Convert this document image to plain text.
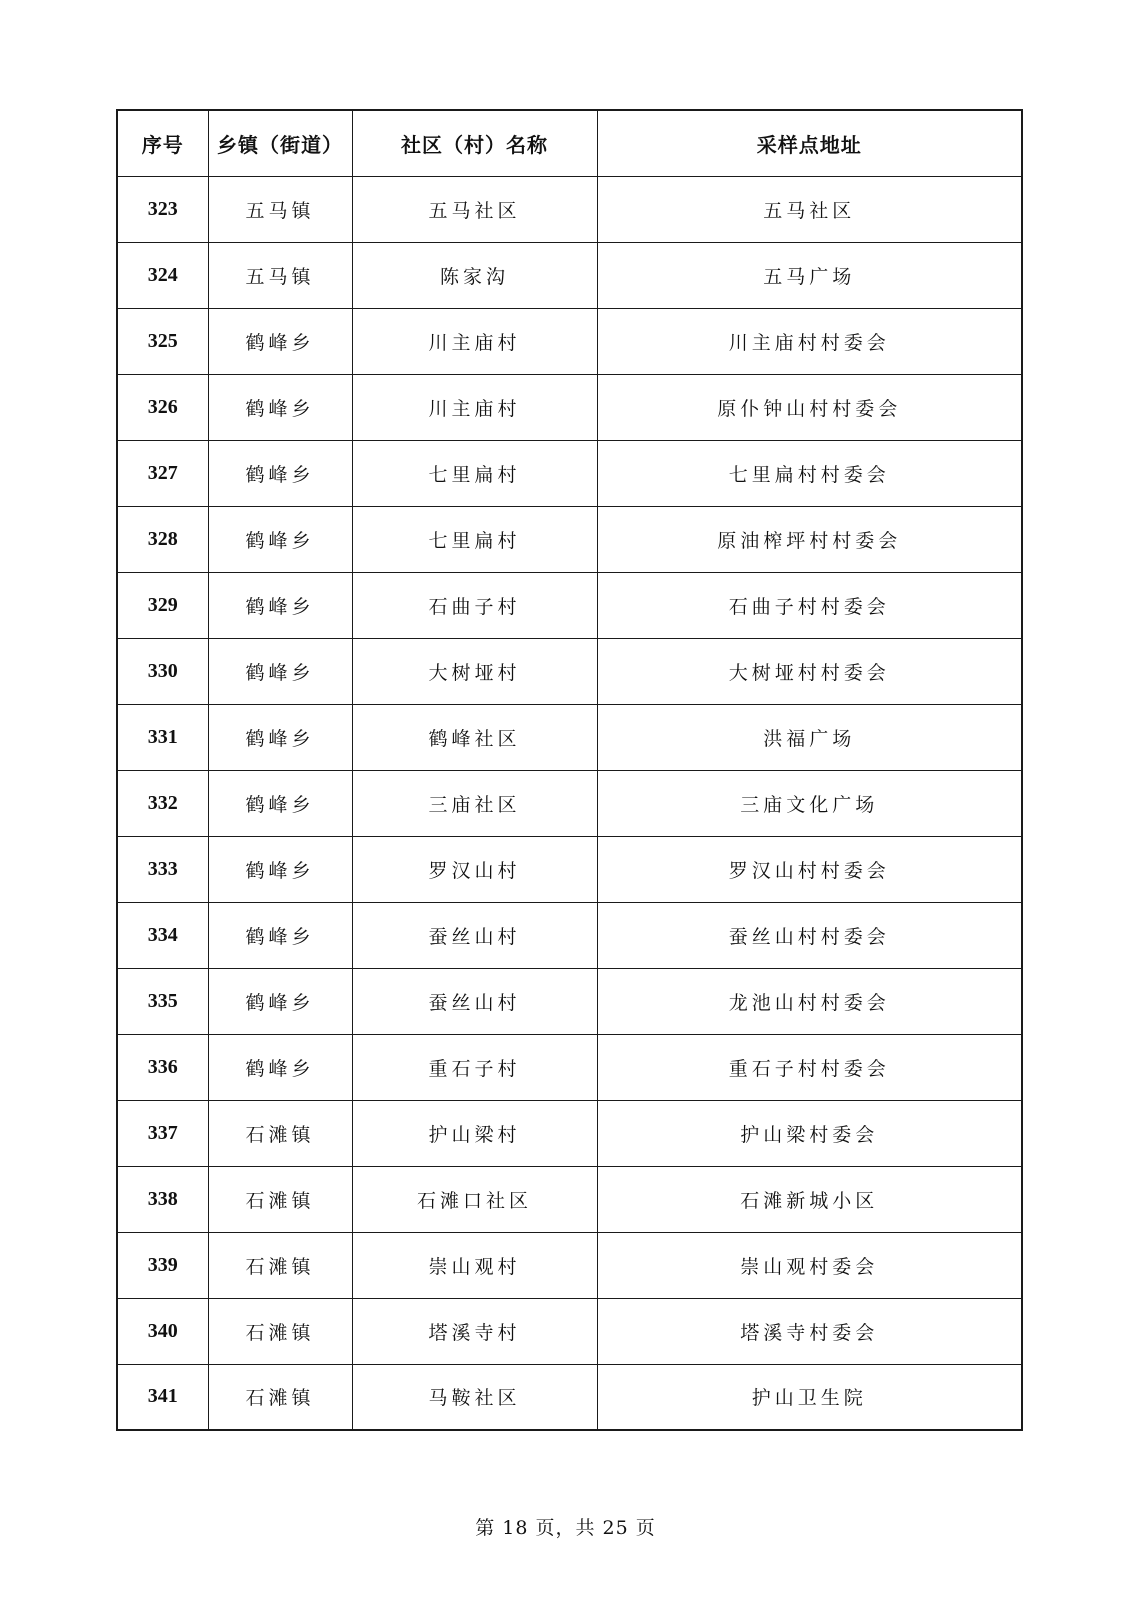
序号	乡镇（街道）	社区（村）名称	采样点地址
323	五马镇	五马社区	五马社区
324	五马镇	陈家沟	五马广场
325	鹤峰乡	川主庙村	川主庙村村委会
326	鹤峰乡	川主庙村	原仆钟山村村委会
327	鹤峰乡	七里扁村	七里扁村村委会
328	鹤峰乡	七里扁村	原油榨坪村村委会
329	鹤峰乡	石曲子村	石曲子村村委会
330	鹤峰乡	大树垭村	大树垭村村委会
331	鹤峰乡	鹤峰社区	洪福广场
332	鹤峰乡	三庙社区	三庙文化广场
333	鹤峰乡	罗汉山村	罗汉山村村委会
334	鹤峰乡	蚕丝山村	蚕丝山村村委会
335	鹤峰乡	蚕丝山村	龙池山村村委会
336	鹤峰乡	重石子村	重石子村村委会
337	石滩镇	护山梁村	护山梁村委会
338	石滩镇	石滩口社区	石滩新城小区
339	石滩镇	崇山观村	崇山观村委会
340	石滩镇	塔溪寺村	塔溪寺村委会
341	石滩镇	马鞍社区	护山卫生院
第 18 页，共 25 页
